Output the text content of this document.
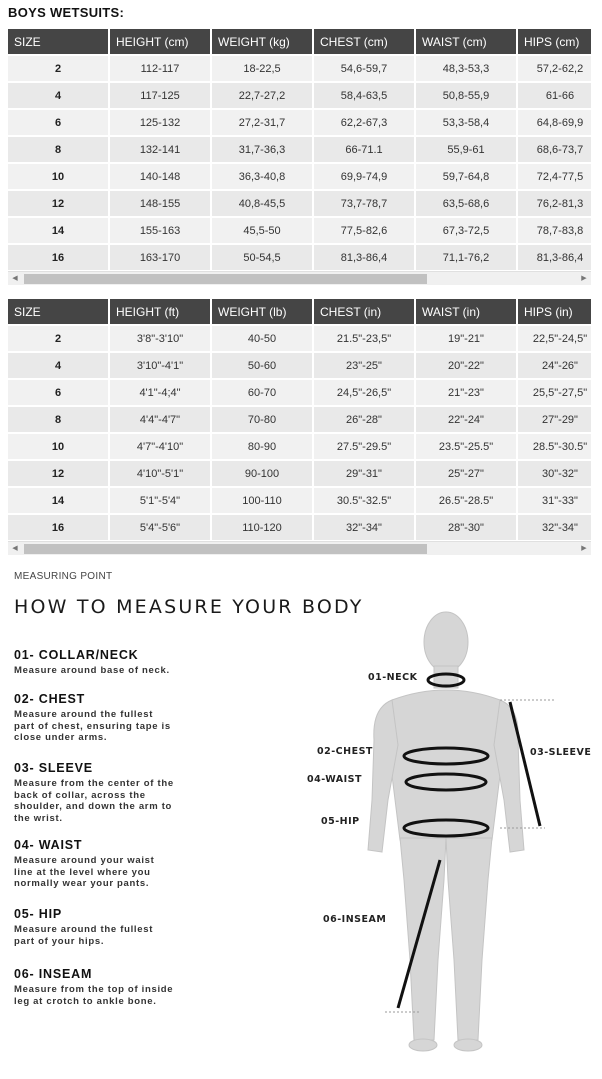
BOYS WETSUITS:
SIZE	HEIGHT (cm)	WEIGHT (kg)	CHEST (cm)	WAIST (cm)	HIPS (cm)
2	112-117	18-22,5	54,6-59,7	48,3-53,3	57,2-62,2
4	117-125	22,7-27,2	58,4-63,5	50,8-55,9	61-66
6	125-132	27,2-31,7	62,2-67,3	53,3-58,4	64,8-69,9
8	132-141	31,7-36,3	66-71.1	55,9-61	68,6-73,7
10	140-148	36,3-40,8	69,9-74,9	59,7-64,8	72,4-77,5
12	148-155	40,8-45,5	73,7-78,7	63,5-68,6	76,2-81,3
14	155-163	45,5-50	77,5-82,6	67,3-72,5	78,7-83,8
16	163-170	50-54,5	81,3-86,4	71,1-76,2	81,3-86,4
◀	▶
SIZE	HEIGHT (ft)	WEIGHT (lb)	CHEST (in)	WAIST (in)	HIPS (in)
2	3'8"-3'10"	40-50	21.5"-23,5"	19"-21"	22,5"-24,5"
4	3'10"-4'1"	50-60	23"-25"	20"-22"	24"-26"
6	4'1"-4;4"	60-70	24,5"-26,5"	21"-23"	25,5"-27,5"
8	4'4"-4'7"	70-80	26"-28"	22"-24"	27"-29"
10	4'7"-4'10"	80-90	27.5"-29.5"	23.5"-25.5"	28.5"-30.5"
12	4'10"-5'1"	90-100	29"-31"	25"-27"	30"-32"
14	5'1"-5'4"	100-110	30.5"-32.5"	26.5"-28.5"	31"-33"
16	5'4"-5'6"	110-120	32"-34"	28"-30"	32"-34"
◀	▶
MEASURING POINT
HOW TO MEASURE YOUR BODY
01- COLLAR/NECK
Measure around base of neck.
02- CHEST
Measure around the fullest part of chest, ensuring tape is close under arms.
03- SLEEVE
Measure from the center of the back of collar, across the shoulder, and down the arm to the wrist.
04- WAIST
Measure around your waist line at the level where you normally wear your pants.
05- HIP
Measure around the fullest part of your hips.
06- INSEAM
Measure from the top of inside leg at crotch to ankle bone.
01-NECK
02-CHEST	03-SLEEVE
04-WAIST
05-HIP
06-INSEAM
